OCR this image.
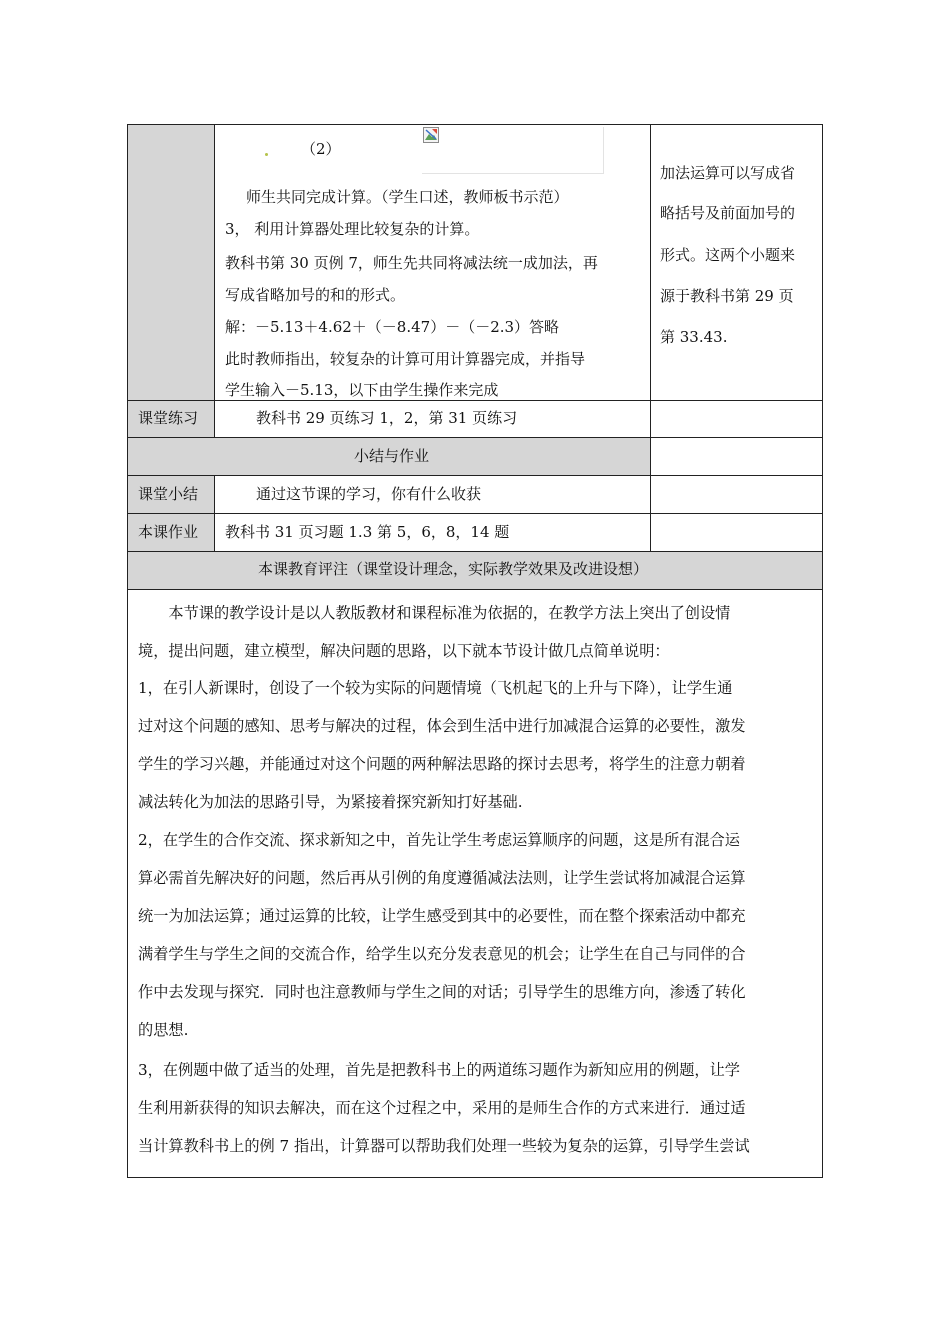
（2）
师生共同完成计算。（学生口述，教师板书示范）
3， 利用计算器处理比较复杂的计算。
教科书第 30 页例 7，师生先共同将减法统一成加法，再
写成省略加号的和的形式。
解：－5.13＋4.62＋（－8.47）－（－2.3）答略
此时教师指出，较复杂的计算可用计算器完成，并指导
学生输入－5.13，以下由学生操作来完成
加法运算可以写成省
略括号及前面加号的
形式。这两个小题来
源于教科书第 29 页
第 33.43.
课堂练习	教科书 29 页练习 1，2，第 31 页练习
小结与作业
课堂小结	通过这节课的学习，你有什么收获
本课作业 教科书 31 页习题 1.3 第 5，6，8，14 题
本课教育评注（课堂设计理念，实际教学效果及改进设想）
　　本节课的教学设计是以人教版教材和课程标准为依据的，在教学方法上突出了创设情
境，提出问题，建立模型，解决问题的思路，以下就本节设计做几点简单说明：
1，在引人新课时，创设了一个较为实际的问题情境（飞机起飞的上升与下降），让学生通
过对这个问题的感知、思考与解决的过程，体会到生活中进行加减混合运算的必要性，激发
学生的学习兴趣，并能通过对这个问题的两种解法思路的探讨去思考，将学生的注意力朝着
减法转化为加法的思路引导，为紧接着探究新知打好基础.
2，在学生的合作交流、探求新知之中，首先让学生考虑运算顺序的问题，这是所有混合运
算必需首先解决好的问题，然后再从引例的角度遵循减法法则，让学生尝试将加减混合运算
统一为加法运算；通过运算的比较，让学生感受到其中的必要性，而在整个探索活动中都充
满着学生与学生之间的交流合作，给学生以充分发表意见的机会；让学生在自己与同伴的合
作中去发现与探究．同时也注意教师与学生之间的对话；引导学生的思维方向，渗透了转化
的思想.
3，在例题中做了适当的处理，首先是把教科书上的两道练习题作为新知应用的例题，让学
生利用新获得的知识去解决，而在这个过程之中，采用的是师生合作的方式来进行．通过适
当计算教科书上的例 7 指出，计算器可以帮助我们处理一些较为复杂的运算，引导学生尝试
